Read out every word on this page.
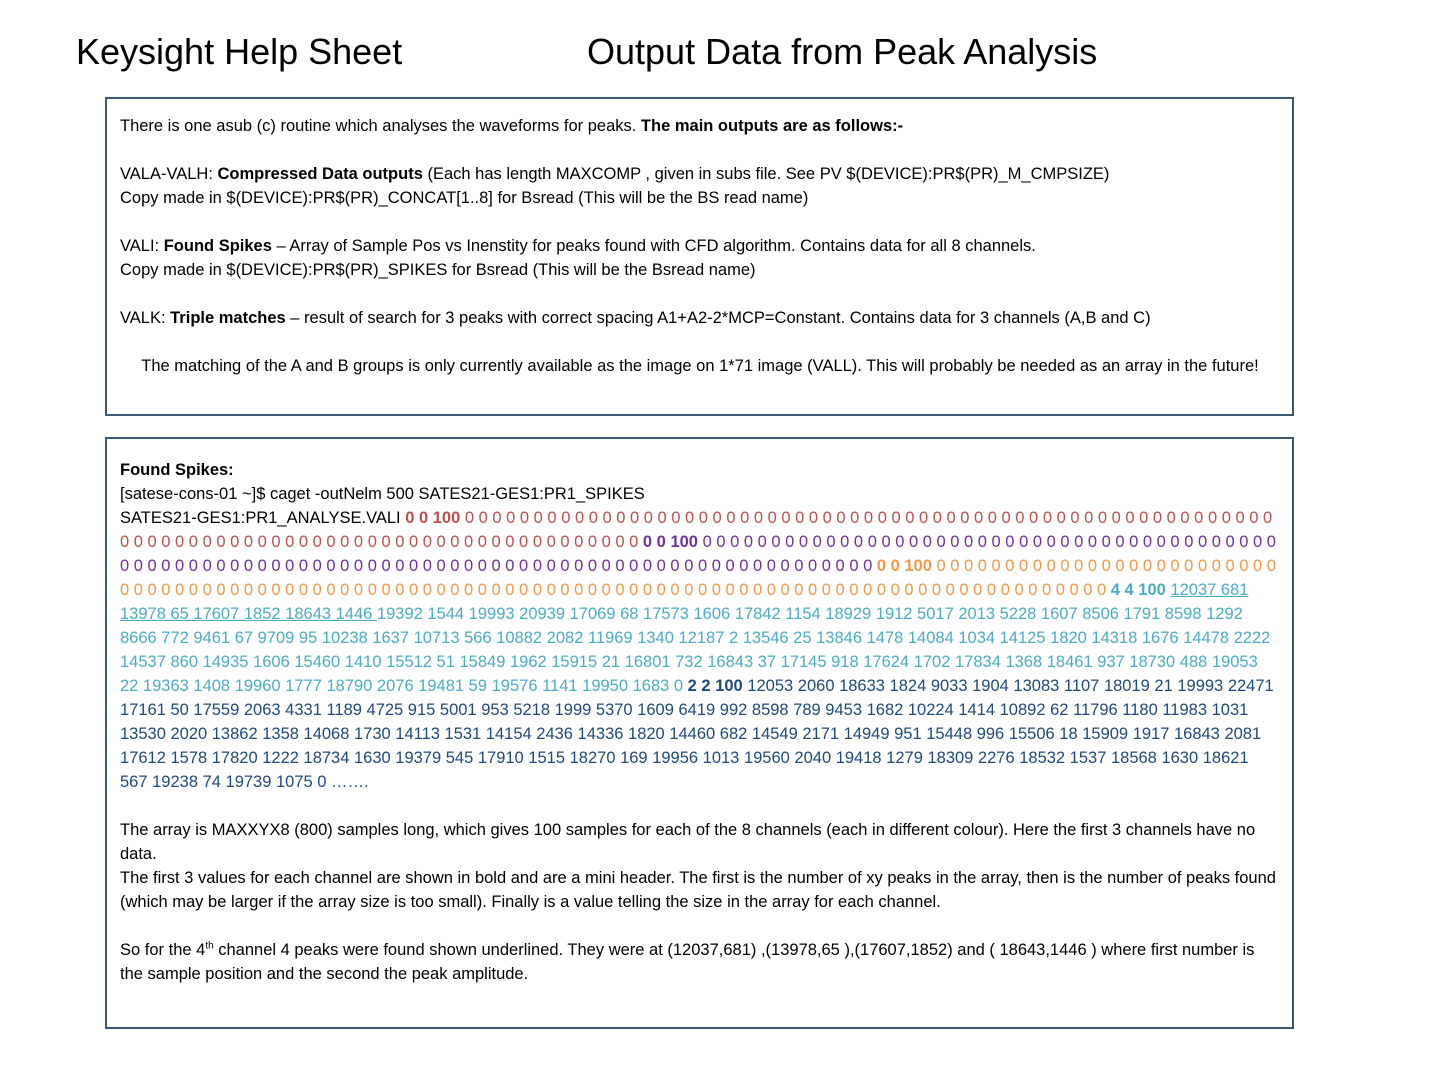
Keysight Help Sheet	Output Data from Peak Analysis
There is one asub (c) routine which analyses the waveforms for peaks. The main outputs are as follows:-
VALA-VALH: Compressed Data outputs (Each has length MAXCOMP , given in subs file. See PV $(DEVICE):PR$(PR)_M_CMPSIZE)
Copy made in $(DEVICE):PR$(PR)_CONCAT[1..8] for Bsread (This will be the BS read name)
VALI: Found Spikes – Array of Sample Pos vs Inenstity for peaks found with CFD algorithm. Contains data for all 8 channels.
Copy made in $(DEVICE):PR$(PR)_SPIKES for Bsread (This will be the Bsread name)
VALK: Triple matches – result of search for 3 peaks with correct spacing A1+A2-2*MCP=Constant. Contains data for 3 channels (A,B and C)
The matching of the A and B groups is only currently available as the image on 1*71 image (VALL). This will probably be needed as an array in the future!
Found Spikes:
[satese-cons-01 ~]$ caget -outNelm 500 SATES21-GES1:PR1_SPIKES
SATES21-GES1:PR1_ANALYSE.VALI 0 0 100 0 0 0 0 0 0 0 0 0 0 0 0 0 0 0 0 0 0 0 0 0 0 0 0 0 0 0 0 0 0 0 0 0 0 0 0 0 0 0 0 0 0 0 0 0 0 0 0 0 0 0 0 0 0 0 0 0 0 0 0 0 0 0 0 0 0 0 0 0 0 0 0 0 0 0 0 0 0 0 0 0 0 0 0 0 0 0 0 0 0 0 0 0 0 0 0 0 0 0 100 0 0 0 0 0 0 0 0 0 0 0 0 0 0 0 0 0 0 0 0 0 0 0 0 0 0 0 0 0 0 0 0 0 0 0 0 0 0 0 0 0 0 0 0 0 0 0 0 0 0 0 0 0 0 0 0 0 0 0 0 0 0 0 0 0 0 0 0 0 0 0 0 0 0 0 0 0 0 0 0 0 0 0 0 0 0 0 0 0 0 0 0 0 0 0 0 0 0 0 100 0 0 0 0 0 0 0 0 0 0 0 0 0 0 0 0 0 0 0 0 0 0 0 0 0 0 0 0 0 0 0 0 0 0 0 0 0 0 0 0 0 0 0 0 0 0 0 0 0 0 0 0 0 0 0 0 0 0 0 0 0 0 0 0 0 0 0 0 0 0 0 0 0 0 0 0 0 0 0 0 0 0 0 0 0 0 0 0 0 0 0 0 0 0 0 0 0 4 4 100 12037 681 13978 65 17607 1852 18643 1446 19392 1544 19993 20939 17069 68 17573 1606 17842 1154 18929 1912 5017 2013 5228 1607 8506 1791 8598 1292 8666 772 9461 67 9709 95 10238 1637 10713 566 10882 2082 11969 1340 12187 2 13546 25 13846 1478 14084 1034 14125 1820 14318 1676 14478 2222 14537 860 14935 1606 15460 1410 15512 51 15849 1962 15915 21 16801 732 16843 37 17145 918 17624 1702 17834 1368 18461 937 18730 488 19053 22 19363 1408 19960 1777 18790 2076 19481 59 19576 1141 19950 1683 0 2 2 100 12053 2060 18633 1824 9033 1904 13083 1107 18019 21 19993 22471 17161 50 17559 2063 4331 1189 4725 915 5001 953 5218 1999 5370 1609 6419 992 8598 789 9453 1682 10224 1414 10892 62 11796 1180 11983 1031 13530 2020 13862 1358 14068 1730 14113 1531 14154 2436 14336 1820 14460 682 14549 2171 14949 951 15448 996 15506 18 15909 1917 16843 2081 17612 1578 17820 1222 18734 1630 19379 545 17910 1515 18270 169 19956 1013 19560 2040 19418 1279 18309 2276 18532 1537 18568 1630 18621 567 19238 74 19739 1075 0 …….
The array is MAXXYX8 (800) samples long, which gives 100 samples for each of the 8 channels (each in different colour). Here the first 3 channels have no data.
The first 3 values for each channel are shown in bold and are a mini header. The first is the number of xy peaks in the array, then is the number of peaks found (which may be larger if the array size is too small). Finally is a value telling the size in the array for each channel.
So for the 4th channel 4 peaks were found shown underlined. They were at (12037,681) ,(13978,65 ),(17607,1852) and ( 18643,1446 ) where first number is the sample position and the second the peak amplitude.
